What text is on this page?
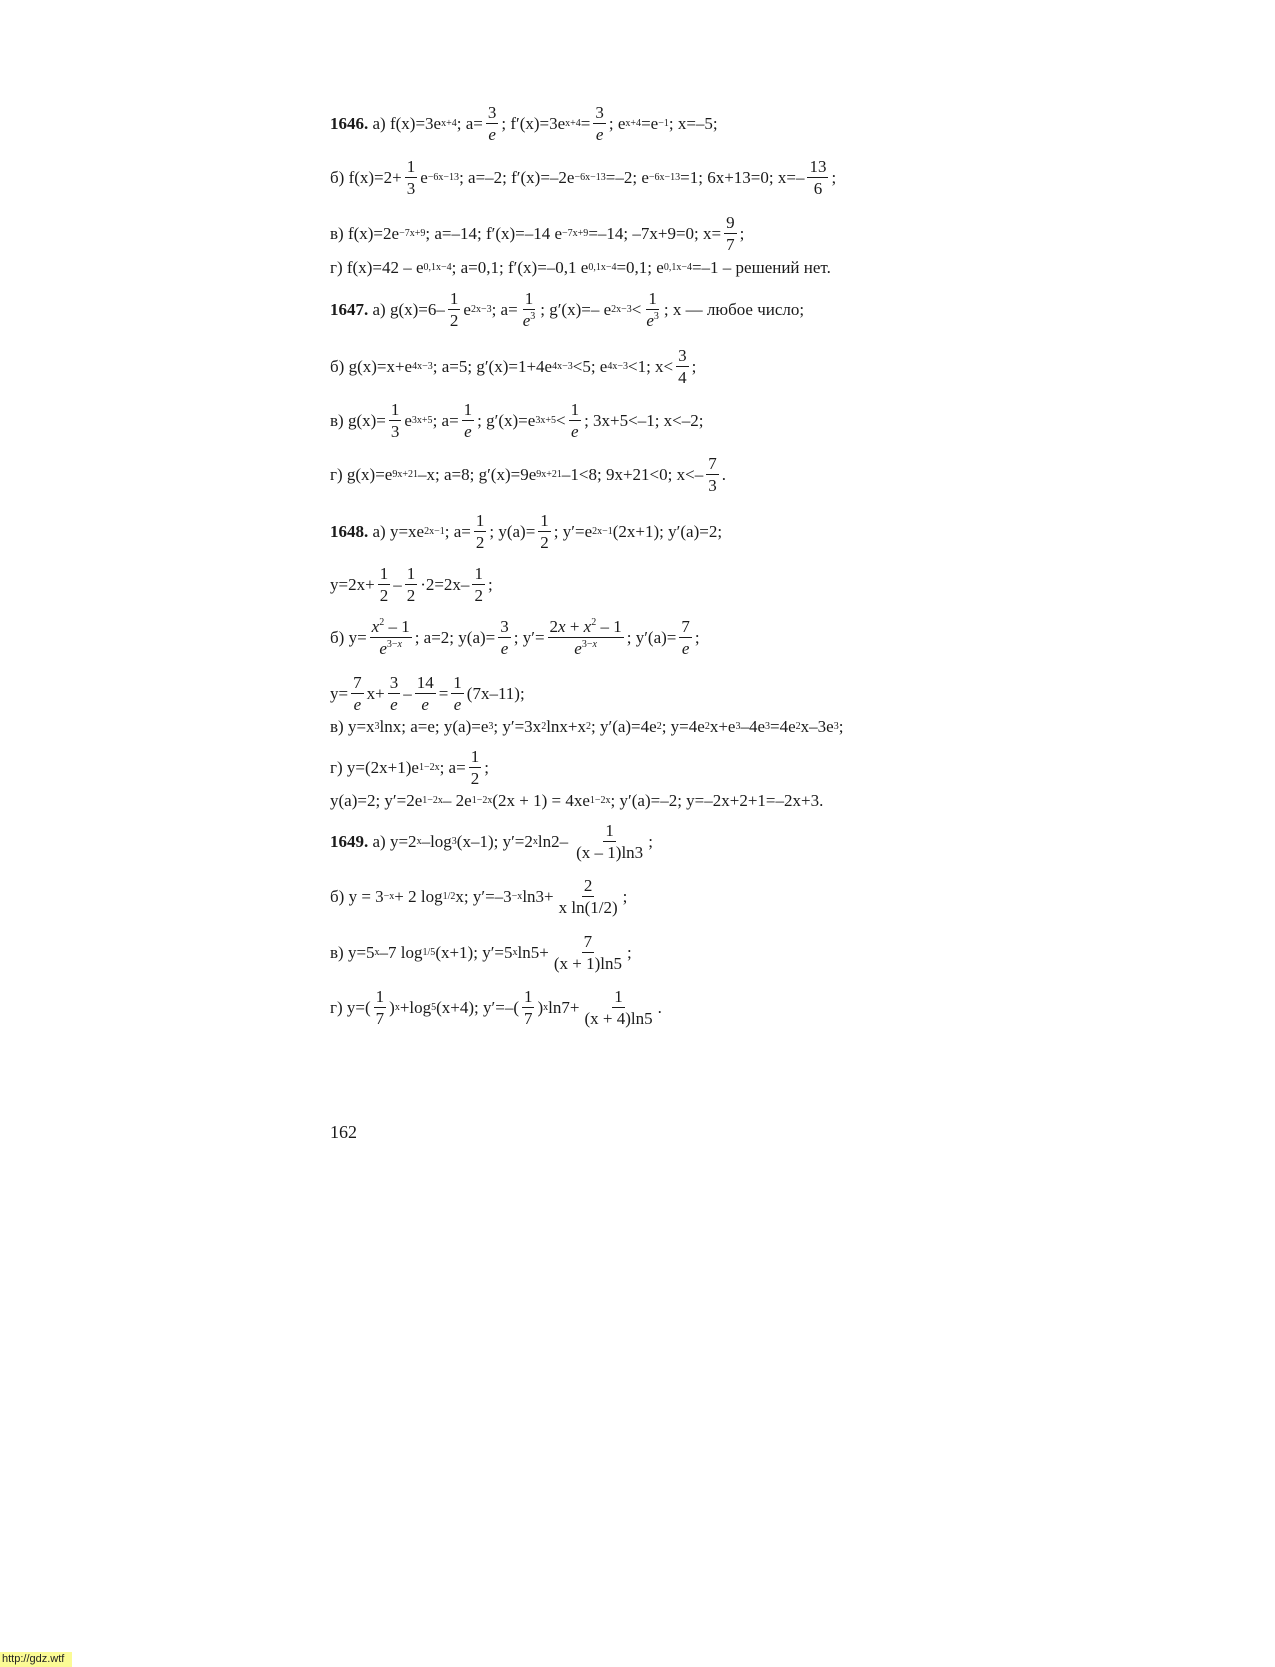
1646.
а) f(x)=3e x+4 ; $a= \frac{3}{e}$ ; f′(x)=3e $x+4 = \frac{3}{e}$ ; e x+4 =e −1 ; x=–5;
б) $f(x)=2+ \frac{1}{3}$ e −6x−13 ; a=–2; f′(x)=–2e −6x−13 =–2; e −6x−13 =1; 6x+13=0; $x=- \frac{13}{6}$ ;
в) f(x)=2e −7x+9 ; a=–14; f′(x)=–14 e −7x+9 =–14; –7x+9=0; $x= \frac{9}{7}$ ;
г) f(x)=42 – e 0,1x−4 ; a=0,1; f′(x)=–0,1 e 0,1x−4 =0,1; e 0,1x−4 =–1 – решений нет.
1647.
а) $g(x)=6- \frac{1}{2}$ e 2x−3 ; $a= \frac{1}{e^3}$ ; g′(x)=– e $2x-3 < \frac{1}{e^3}$ ; x — любое число;
б) g(x)=x+e 4x−3 ; a=5; g′(x)=1+4e 4x−3 <5; e 4x−3 <1; $x< \frac{3}{4}$ ;
в) $g(x)= \frac{1}{3}$ e 3x+5 ; $a= \frac{1}{e}$ ; g′(x)=e $3x+5 < \frac{1}{e}$ ; 3x+5<–1; x<–2;
г) g(x)=e 9x+21 –x; a=8; g′(x)=9e 9x+21 –1<8; 9x+21<0; $x<- \frac{7}{3}$ .
1648.
а) y=xe 2x−1 ; $a= \frac{1}{2}$ ; $y(a)= \frac{1}{2}$ ; y′=e 2x−1 (2x+1); y′(a)=2;
$y=2x+ \frac{1}{2} - \frac{1}{2} \cdot 2=2x- \frac{1}{2}$ ;
б) $y= \frac{x^2 - 1}{e^{3-x}}$ ; a=2; $y(a)= \frac{3}{e}$ ; $y'= \frac{2x + x^2 - 1}{e^{3-x}}$ ; $y'(a)= \frac{7}{e}$ ;
$y= \frac{7}{e} x+ \frac{3}{e} - \frac{14}{e} = \frac{1}{e} (7x-11)$;
в) y=x 3 lnx; a=e; y(a)=e 3 ; y′=3x 2 lnx+x 2 ; y′(a)=4e 2 ; y=4e 2 x+e 3 –4e 3 =4e 2 x–3e 3 ;
г) y=(2x+1)e 1−2x ; $a= \frac{1}{2}$ ;
y(a)=2; y′=2e 1−2x – 2e 1−2x (2x + 1) = 4xe 1−2x ; y′(a)=–2; y=–2x+2+1=–2x+3.
1649.
а) y=2 x –log 3 (x–1); y′=2 x $\ln 2- \frac{1}{(x - 1)\ln 3}$ ;
б) y = 3 −x + 2 log 1/2 x; y′=–3 −x $\ln 3+ \frac{2}{\text{x ln(1/2)}}$ ;
в) y=5 x –7 log 1/5 (x+1); y′=5 x $\ln 5+ \frac{7}{(x + 1)\ln 5}$ ;
г) $y=( \frac{1}{7}$ ) x +log 5 (x+4); $y'=-( \frac{1}{7}$ ) x $\ln 7+ \frac{1}{(x + 4)\ln 5}$ .
162
http://gdz.wtf
